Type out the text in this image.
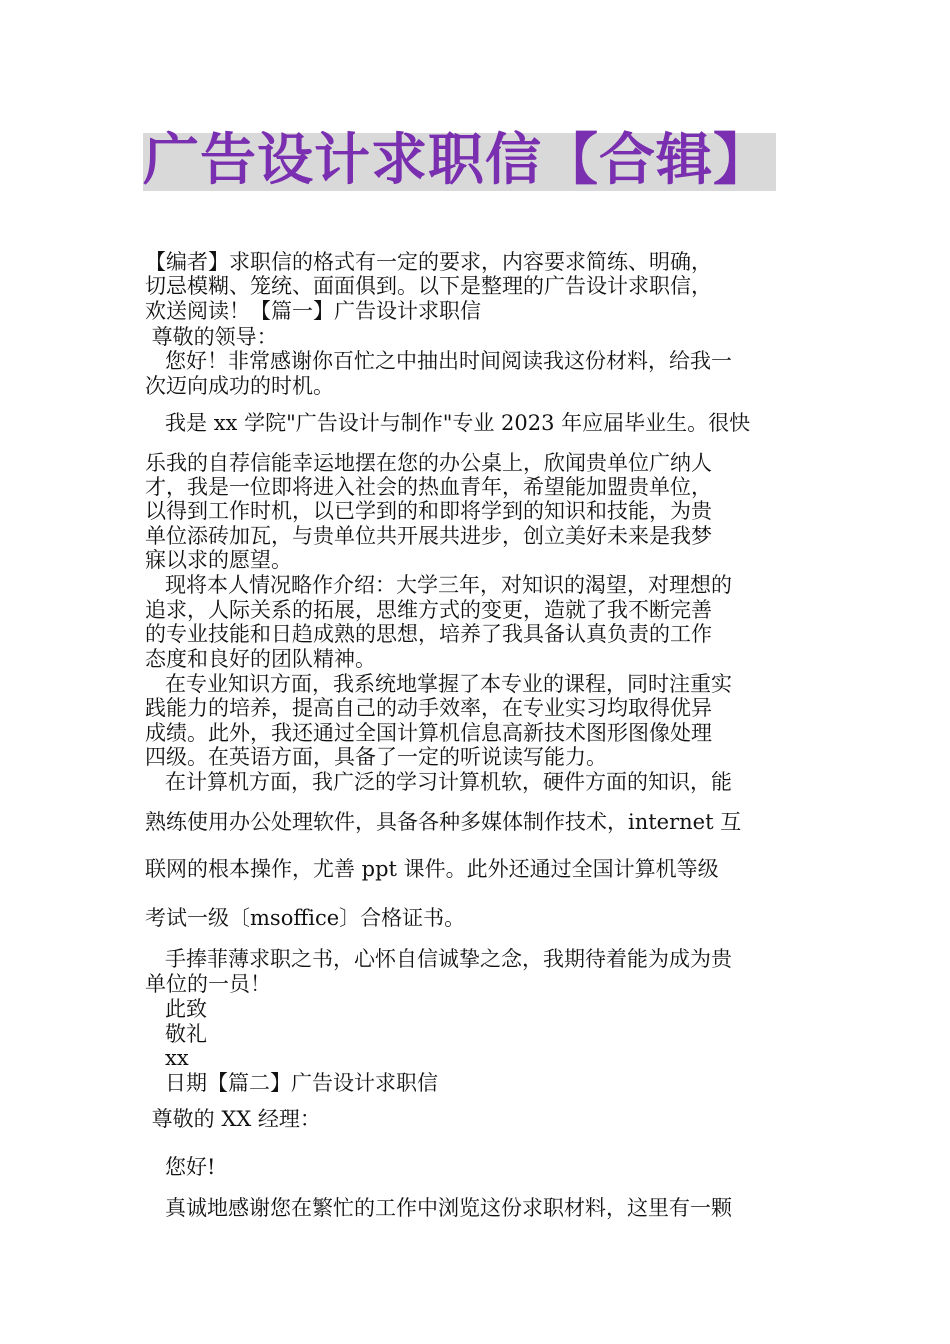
广告设计求职信【合辑】
【编者】求职信的格式有一定的要求，内容要求简练、明确，
切忌模糊、笼统、面面俱到。以下是整理的广告设计求职信，
欢送阅读！【篇一】广告设计求职信
尊敬的领导：
您好！非常感谢你百忙之中抽出时间阅读我这份材料，给我一
次迈向成功的时机。
我是 xx 学院"广告设计与制作"专业 2023 年应届毕业生。很快
乐我的自荐信能幸运地摆在您的办公桌上，欣闻贵单位广纳人
才，我是一位即将进入社会的热血青年，希望能加盟贵单位，
以得到工作时机，以已学到的和即将学到的知识和技能，为贵
单位添砖加瓦，与贵单位共开展共进步，创立美好未来是我梦
寐以求的愿望。
现将本人情况略作介绍：大学三年，对知识的渴望，对理想的
追求，人际关系的拓展，思维方式的变更，造就了我不断完善
的专业技能和日趋成熟的思想，培养了我具备认真负责的工作
态度和良好的团队精神。
在专业知识方面，我系统地掌握了本专业的课程，同时注重实
践能力的培养，提高自己的动手效率，在专业实习均取得优异
成绩。此外，我还通过全国计算机信息高新技术图形图像处理
四级。在英语方面，具备了一定的听说读写能力。
在计算机方面，我广泛的学习计算机软，硬件方面的知识，能
熟练使用办公处理软件，具备各种多媒体制作技术，internet 互
联网的根本操作，尤善 ppt 课件。此外还通过全国计算机等级
考试一级〔msoffice〕合格证书。
手捧菲薄求职之书，心怀自信诚挚之念，我期待着能为成为贵
单位的一员！
此致
敬礼
xx
日期【篇二】广告设计求职信
尊敬的 XX 经理：
您好!
真诚地感谢您在繁忙的工作中浏览这份求职材料，这里有一颗
